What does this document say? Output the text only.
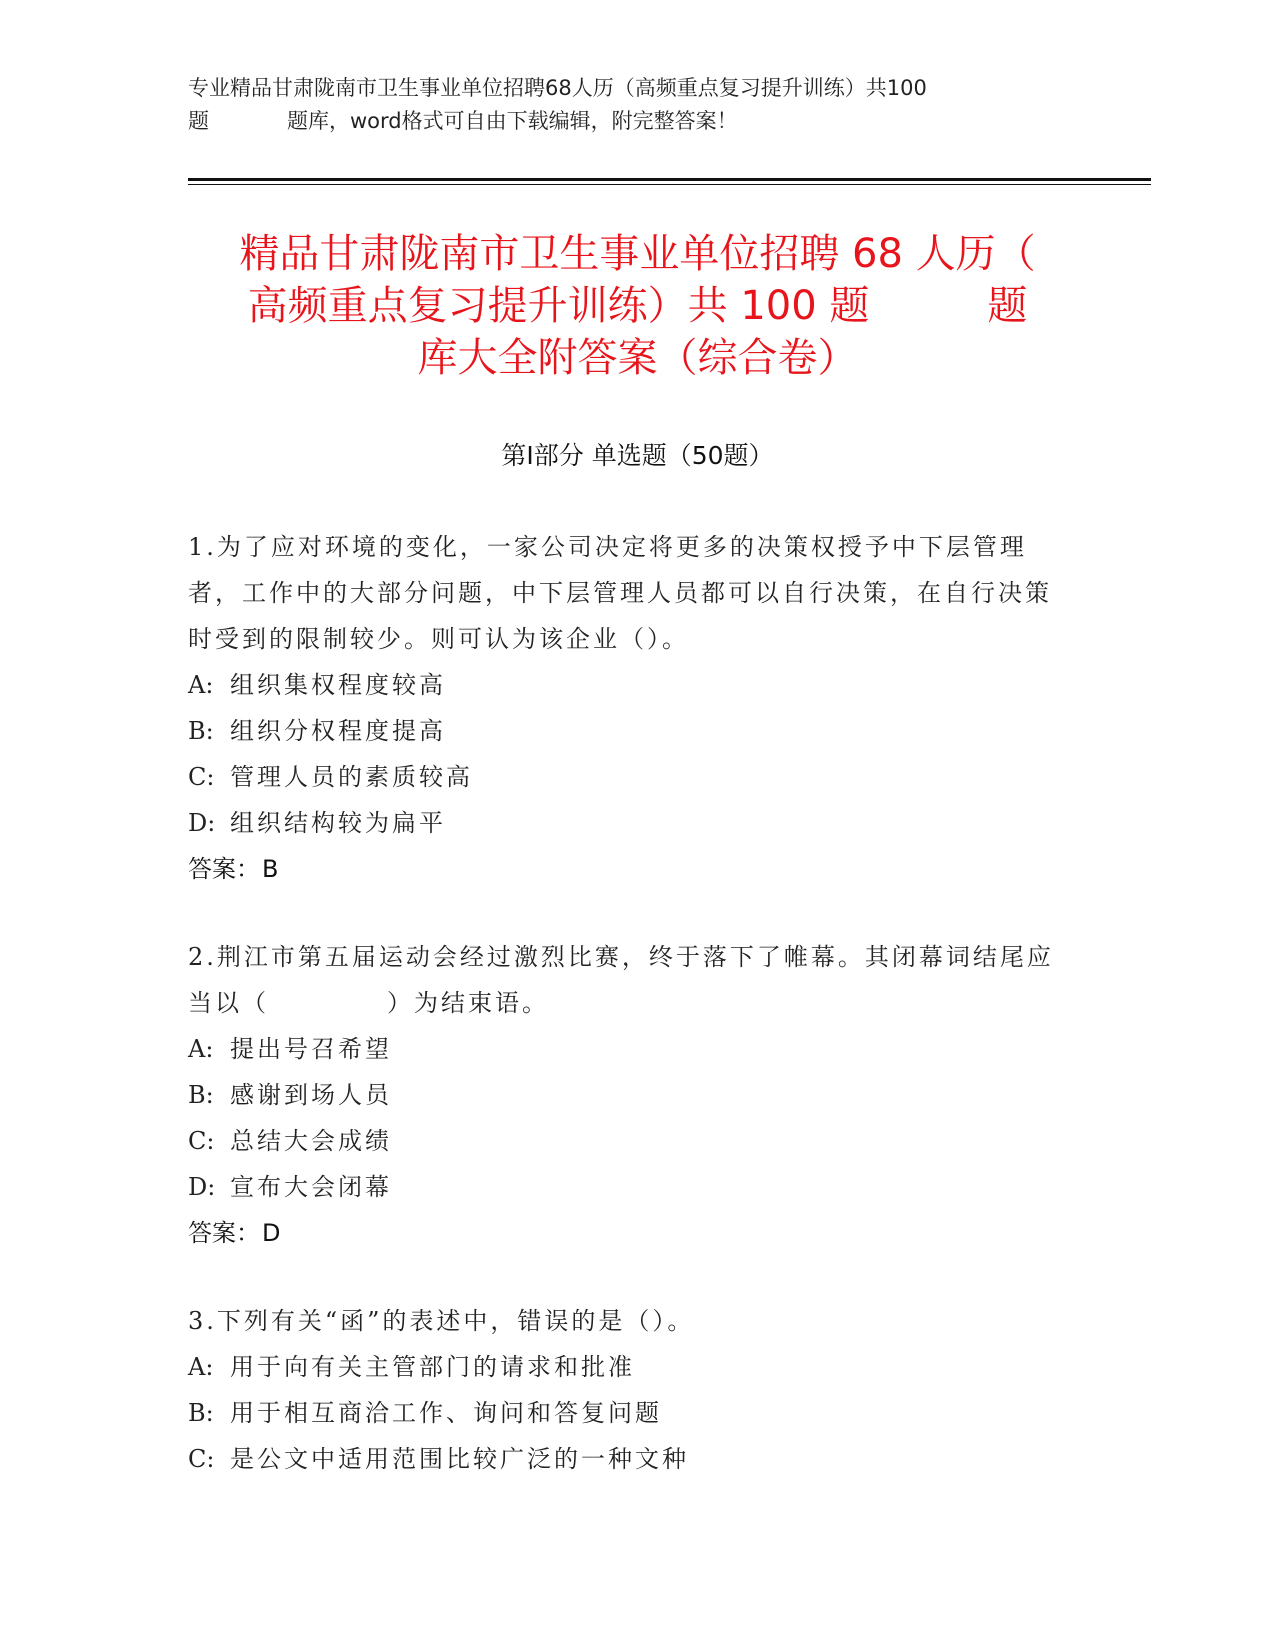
专业精品甘肃陇南市卫生事业单位招聘68人历（高频重点复习提升训练）共100
题	题库，word格式可自由下载编辑，附完整答案！
精品甘肃陇南市卫生事业单位招聘 68 人历（
高频重点复习提升训练）共 100 题	题
库大全附答案（综合卷）
第Ⅰ部分 单选题（50题）
1.为了应对环境的变化，一家公司决定将更多的决策权授予中下层管理者，工作中的大部分问题，中下层管理人员都可以自行决策，在自行决策时受到的限制较少。则可认为该企业（）。
A: 组织集权程度较高
B: 组织分权程度提高
C: 管理人员的素质较高
D: 组织结构较为扁平
答案：B
2.荆江市第五届运动会经过激烈比赛，终于落下了帷幕。其闭幕词结尾应当以（	）为结束语。
A: 提出号召希望
B: 感谢到场人员
C: 总结大会成绩
D: 宣布大会闭幕
答案：D
3.下列有关“函”的表述中，错误的是（）。
A: 用于向有关主管部门的请求和批准
B: 用于相互商洽工作、询问和答复问题
C: 是公文中适用范围比较广泛的一种文种
